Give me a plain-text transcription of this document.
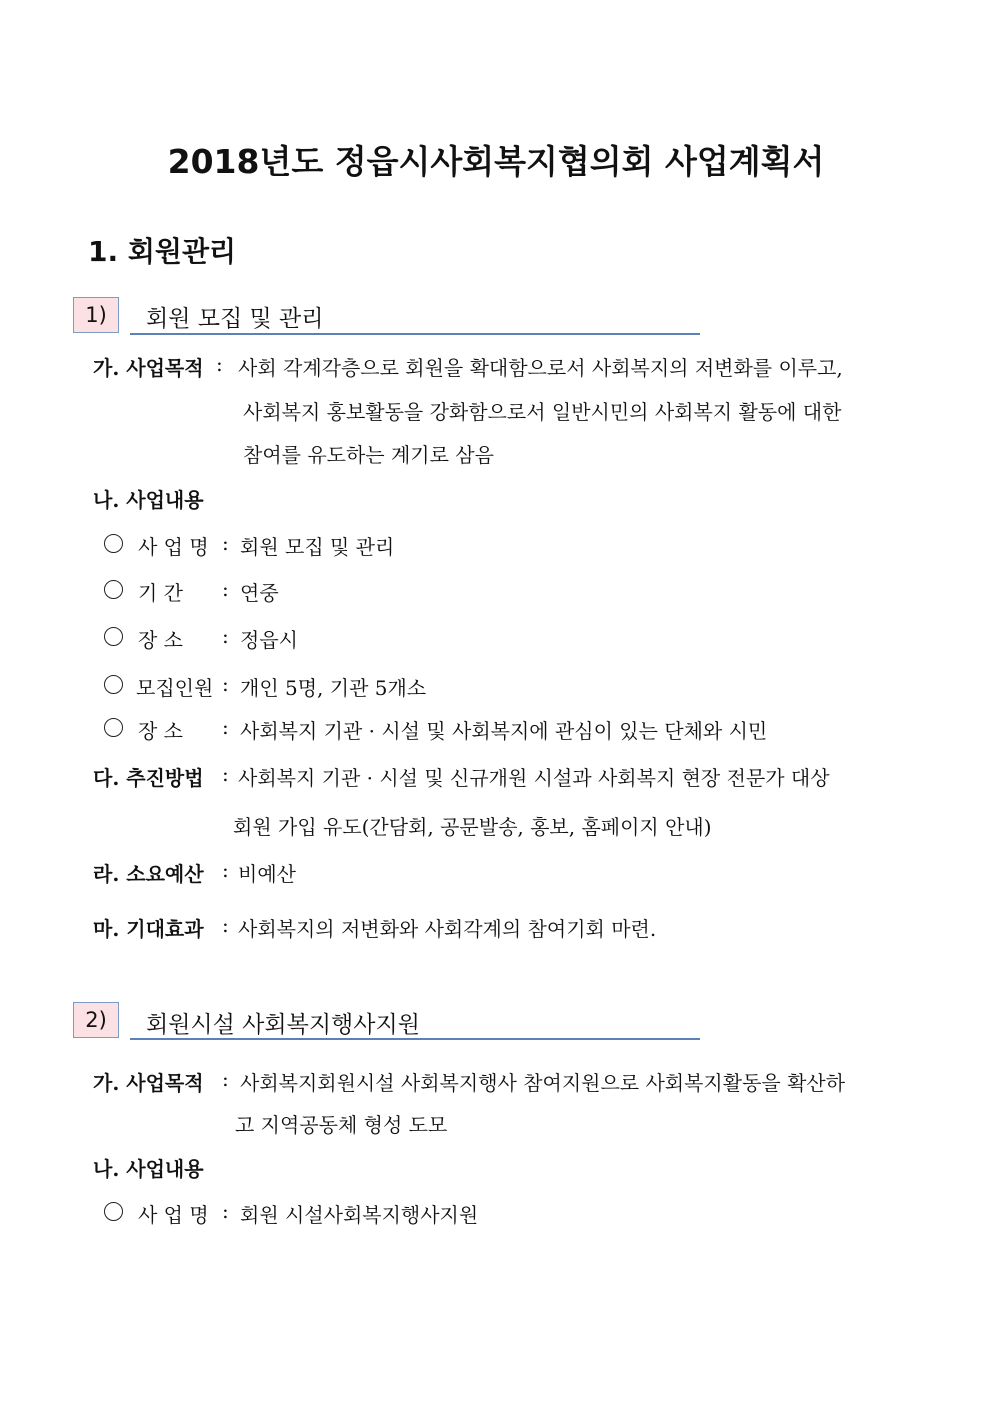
2018년도 정읍시사회복지협의회 사업계획서
1. 회원관리
1)	회원 모집 및 관리
가. 사업목적 : 사회 각계각층으로 회원을 확대함으로서 사회복지의 저변화를 이루고,
사회복지 홍보활동을 강화함으로서 일반시민의 사회복지 활동에 대한
참여를 유도하는 계기로 삼음
나. 사업내용
사 업 명 : 회원 모집 및 관리
기 간 : 연중
장 소 : 정읍시
모집인원 : 개인 5명, 기관 5개소
장 소 : 사회복지 기관 · 시설 및 사회복지에 관심이 있는 단체와 시민
다. 추진방법 : 사회복지 기관 · 시설 및 신규개원 시설과 사회복지 현장 전문가 대상
회원 가입 유도(간담회, 공문발송, 홍보, 홈페이지 안내)
라. 소요예산 : 비예산
마. 기대효과 : 사회복지의 저변화와 사회각계의 참여기회 마련.
2)	회원시설 사회복지행사지원
가. 사업목적 : 사회복지회원시설 사회복지행사 참여지원으로 사회복지활동을 확산하
고 지역공동체 형성 도모
나. 사업내용
사 업 명 : 회원 시설사회복지행사지원
